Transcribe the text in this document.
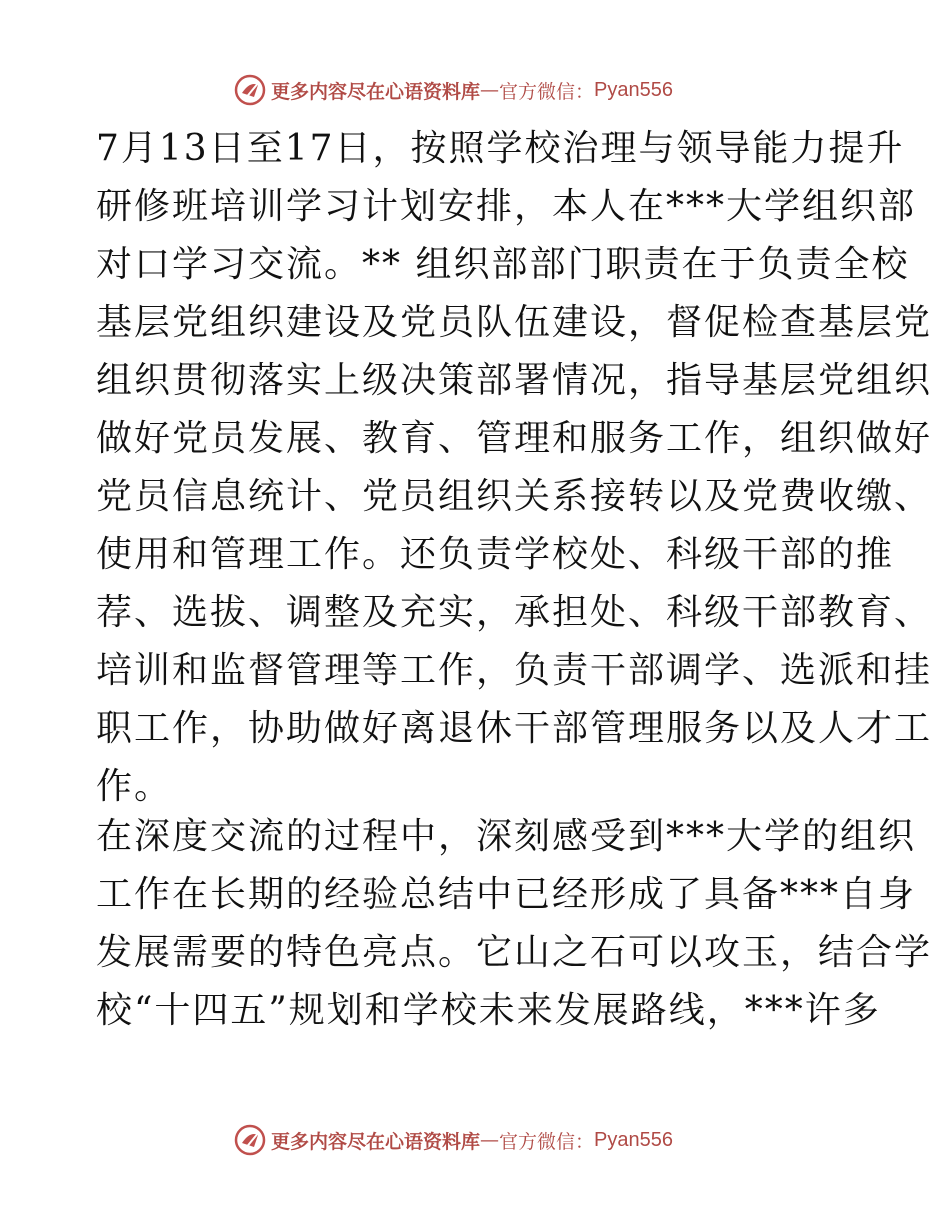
更多内容尽在心语资料库 — 官方微信： Pyan556
7月13日至17日，按照学校治理与领导能力提升
研修班培训学习计划安排，本人在***大学组织部
对口学习交流。** 组织部部门职责在于负责全校
基层党组织建设及党员队伍建设，督促检查基层党
组织贯彻落实上级决策部署情况，指导基层党组织
做好党员发展、教育、管理和服务工作，组织做好
党员信息统计、党员组织关系接转以及党费收缴、
使用和管理工作。还负责学校处、科级干部的推
荐、选拔、调整及充实，承担处、科级干部教育、
培训和监督管理等工作，负责干部调学、选派和挂
职工作，协助做好离退休干部管理服务以及人才工
作。
在深度交流的过程中，深刻感受到***大学的组织
工作在长期的经验总结中已经形成了具备***自身
发展需要的特色亮点。它山之石可以攻玉，结合学
校“十四五”规划和学校未来发展路线，***许多
更多内容尽在心语资料库 — 官方微信： Pyan556
